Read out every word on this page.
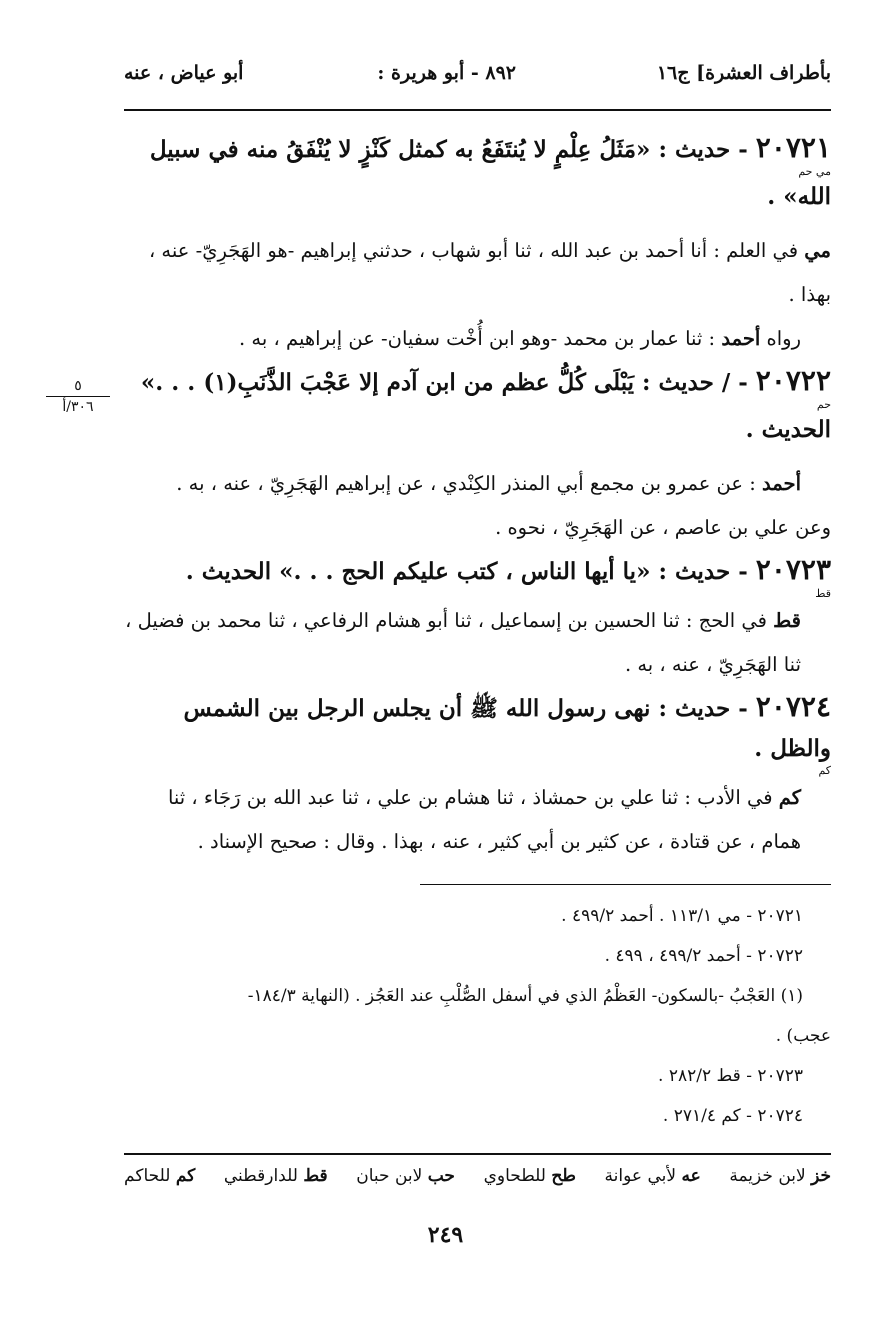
بأطراف العشرة] ج١٦
٨٩٢ - أبو هريرة :
أبو عياض ، عنه
٥
٣٠٦/أ
٢٠٧٢١ - حديث : «مَثَلُ عِلْمٍ لا يُنتَفَعُ به كمثل كَنْزٍ لا يُنْفَقُ منه في سبيل
مي حم
الله» .

مي في العلم : أنا أحمد بن عبد الله ، ثنا أبو شهاب ، حدثني إبراهيم -هو الهَجَرِيّ- عنه ، بهذا .

رواه أحمد : ثنا عمار بن محمد -وهو ابن أُخْت سفيان- عن إبراهيم ، به .

٢٠٧٢٢ - / حديث : يَبْلَى كُلُّ عظم من ابن آدم إلا عَجْبَ الذَّنَبِ(١) . . .»
حم
الحديث .

أحمد : عن عمرو بن مجمع أبي المنذر الكِنْدي ، عن إبراهيم الهَجَرِيّ ، عنه ، به .

وعن علي بن عاصم ، عن الهَجَرِيّ ، نحوه .

٢٠٧٢٣ - حديث : «يا أيها الناس ، كتب عليكم الحج . . .» الحديث .
قط

قط في الحج : ثنا الحسين بن إسماعيل ، ثنا أبو هشام الرفاعي ، ثنا محمد بن فضيل ، ثنا الهَجَرِيّ ، عنه ، به .

٢٠٧٢٤ - حديث : نهى رسول الله ﷺ أن يجلس الرجل بين الشمس والظل .
كم

كم في الأدب : ثنا علي بن حمشاذ ، ثنا هشام بن علي ، ثنا عبد الله بن رَجَاء ، ثنا همام ، عن قتادة ، عن كثير بن أبي كثير ، عنه ، بهذا . وقال : صحيح الإسناد .

٢٠٧٢١ - مي ١١٣/١ . أحمد ٤٩٩/٢ .

٢٠٧٢٢ - أحمد ٤٩٩/٢ ، ٤٩٩ .

(١) العَجْبُ -بالسكون- العَظْمُ الذي في أسفل الصُّلْبِ عند العَجُز . (النهاية ١٨٤/٣-

عجب) .

٢٠٧٢٣ - قط ٢٨٢/٢ .

٢٠٧٢٤ - كم ٢٧١/٤ .

خز لابن خزيمة
عه لأبي عوانة
طح للطحاوي
حب لابن حبان
قط للدارقطني
كم للحاكم
٢٤٩
